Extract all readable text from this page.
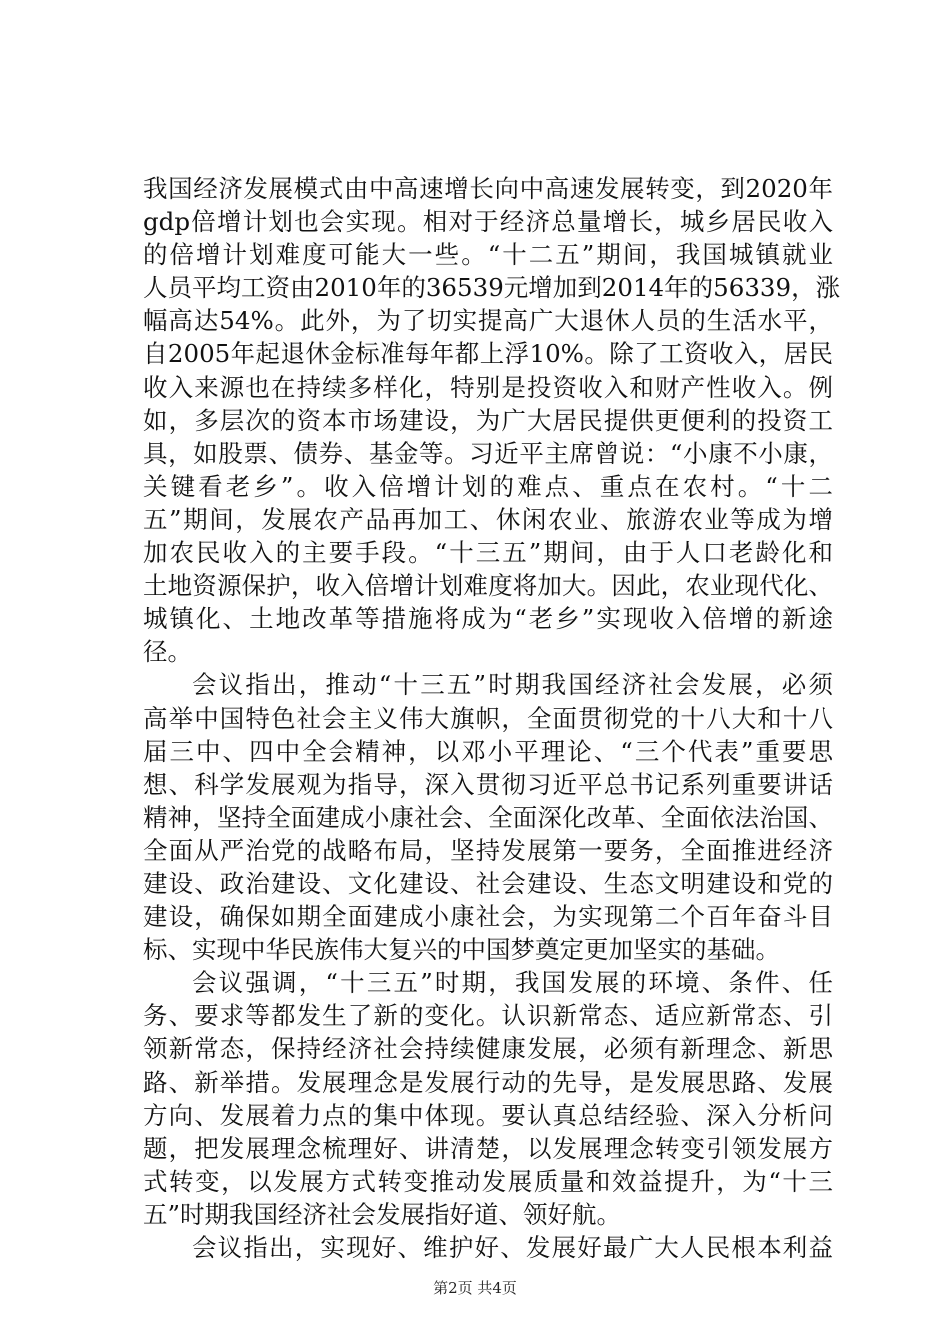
我国经济发展模式由中高速增长向中高速发展转变，到2020年
gdp倍增计划也会实现。相对于经济总量增长，城乡居民收入
的倍增计划难度可能大一些。“十二五”期间，我国城镇就业
人员平均工资由2010年的36539元增加到2014年的56339，涨
幅高达54%。此外，为了切实提高广大退休人员的生活水平，
自2005年起退休金标准每年都上浮10%。除了工资收入，居民
收入来源也在持续多样化，特别是投资收入和财产性收入。例
如，多层次的资本市场建设，为广大居民提供更便利的投资工
具，如股票、债券、基金等。习近平主席曾说：“小康不小康，
关键看老乡”。收入倍增计划的难点、重点在农村。“十二
五”期间，发展农产品再加工、休闲农业、旅游农业等成为增
加农民收入的主要手段。“十三五”期间，由于人口老龄化和
土地资源保护，收入倍增计划难度将加大。因此，农业现代化、
城镇化、土地改革等措施将成为“老乡”实现收入倍增的新途
径。
会议指出，推动“十三五”时期我国经济社会发展，必须
高举中国特色社会主义伟大旗帜，全面贯彻党的十八大和十八
届三中、四中全会精神，以邓小平理论、“三个代表”重要思
想、科学发展观为指导，深入贯彻习近平总书记系列重要讲话
精神，坚持全面建成小康社会、全面深化改革、全面依法治国、
全面从严治党的战略布局，坚持发展第一要务，全面推进经济
建设、政治建设、文化建设、社会建设、生态文明建设和党的
建设，确保如期全面建成小康社会，为实现第二个百年奋斗目
标、实现中华民族伟大复兴的中国梦奠定更加坚实的基础。
会议强调，“十三五”时期，我国发展的环境、条件、任
务、要求等都发生了新的变化。认识新常态、适应新常态、引
领新常态，保持经济社会持续健康发展，必须有新理念、新思
路、新举措。发展理念是发展行动的先导，是发展思路、发展
方向、发展着力点的集中体现。要认真总结经验、深入分析问
题，把发展理念梳理好、讲清楚，以发展理念转变引领发展方
式转变，以发展方式转变推动发展质量和效益提升，为“十三
五”时期我国经济社会发展指好道、领好航。
会议指出，实现好、维护好、发展好最广大人民根本利益
第2页 共4页
